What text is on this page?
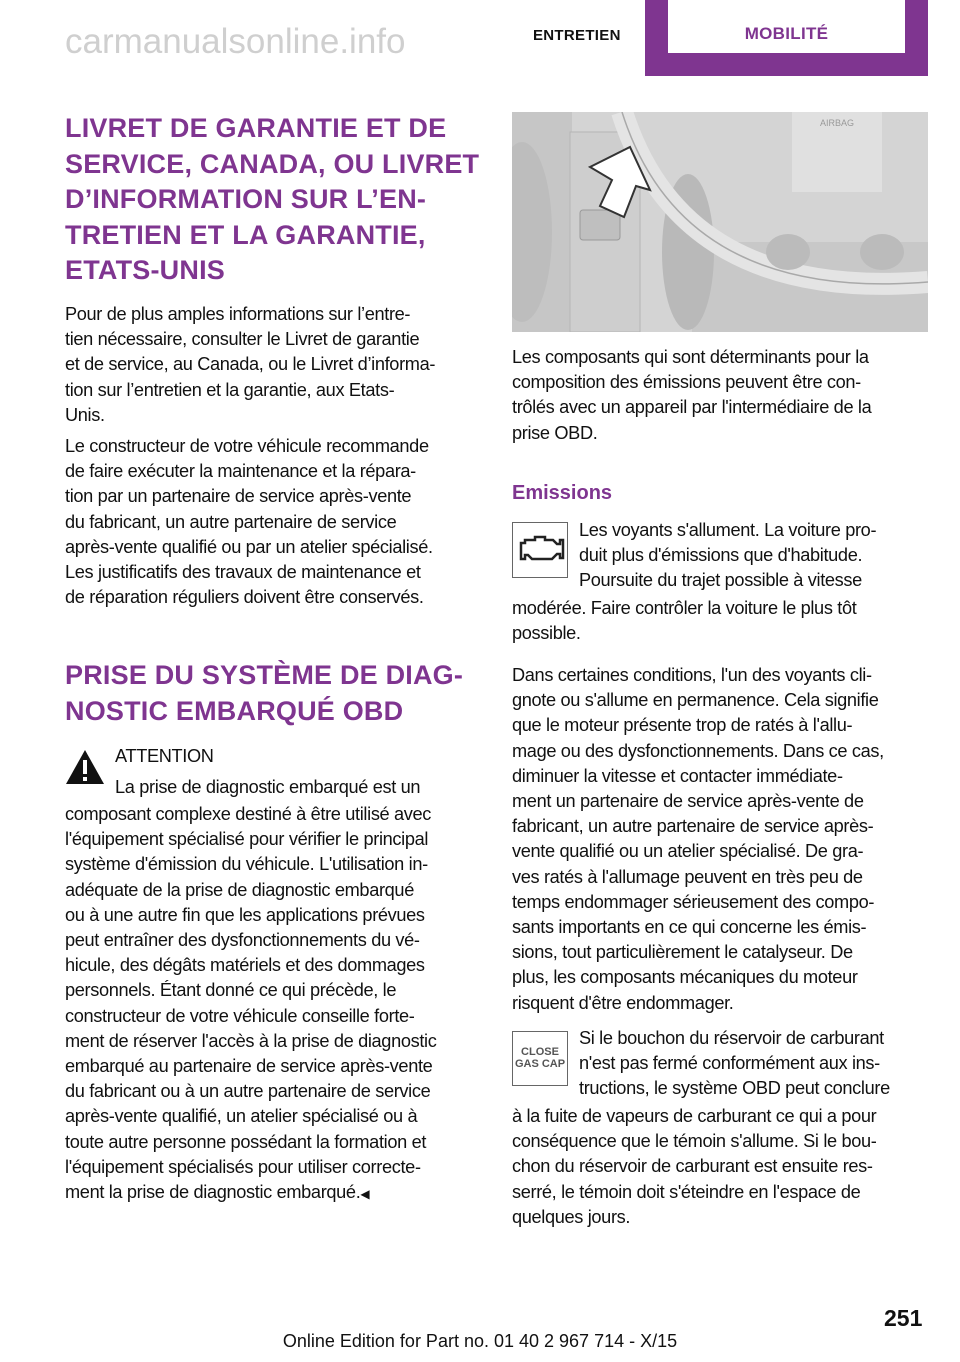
ENTRETIEN	MOBILITÉ
LIVRET DE GARANTIE ET DE
SERVICE, CANADA, OU LIVRET
D’INFORMATION SUR L’EN-
TRETIEN ET LA GARANTIE,
ETATS-UNIS
Pour de plus amples informations sur l’entre-
tien nécessaire, consulter le Livret de garantie
et de service, au Canada, ou le Livret d’informa-
tion sur l’entretien et la garantie, aux Etats-
Unis.
Le constructeur de votre véhicule recommande
de faire exécuter la maintenance et la répara-
tion par un partenaire de service après-vente
du fabricant, un autre partenaire de service
après-vente qualifié ou par un atelier spécialisé.
Les justificatifs des travaux de maintenance et
de réparation réguliers doivent être conservés.
PRISE DU SYSTÈME DE DIAG-
NOSTIC EMBARQUÉ OBD
ATTENTION
La prise de diagnostic embarqué est un
composant complexe destiné à être utilisé avec
l'équipement spécialisé pour vérifier le principal
système d'émission du véhicule. L'utilisation in-
adéquate de la prise de diagnostic embarqué
ou à une autre fin que les applications prévues
peut entraîner des dysfonctionnements du vé-
hicule, des dégâts matériels et des dommages
personnels. Étant donné ce qui précède, le
constructeur de votre véhicule conseille forte-
ment de réserver l'accès à la prise de diagnostic
embarqué au partenaire de service après-vente
du fabricant ou à un autre partenaire de service
après-vente qualifié, un atelier spécialisé ou à
toute autre personne possédant la formation et
l'équipement spécialisés pour utiliser correcte-
ment la prise de diagnostic embarqué.◀
AIRBAG
Les composants qui sont déterminants pour la
composition des émissions peuvent être con-
trôlés avec un appareil par l'intermédiaire de la
prise OBD.
Emissions
Les voyants s'allument. La voiture pro-
duit plus d'émissions que d'habitude.
Poursuite du trajet possible à vitesse
modérée. Faire contrôler la voiture le plus tôt
possible.
Dans certaines conditions, l'un des voyants cli-
gnote ou s'allume en permanence. Cela signifie
que le moteur présente trop de ratés à l'allu-
mage ou des dysfonctionnements. Dans ce cas,
diminuer la vitesse et contacter immédiate-
ment un partenaire de service après-vente de
fabricant, un autre partenaire de service après-
vente qualifié ou un atelier spécialisé. De gra-
ves ratés à l'allumage peuvent en très peu de
temps endommager sérieusement des compo-
sants importants en ce qui concerne les émis-
sions, tout particulièrement le catalyseur. De
plus, les composants mécaniques du moteur
risquent d'être endommager.
CLOSE
GAS CAP
Si le bouchon du réservoir de carburant
n'est pas fermé conformément aux ins-
tructions, le système OBD peut conclure
à la fuite de vapeurs de carburant ce qui a pour
conséquence que le témoin s'allume. Si le bou-
chon du réservoir de carburant est ensuite res-
serré, le témoin doit s'éteindre en l'espace de
quelques jours.
251
Online Edition for Part no. 01 40 2 967 714 - X/15
carmanualsonline.info
